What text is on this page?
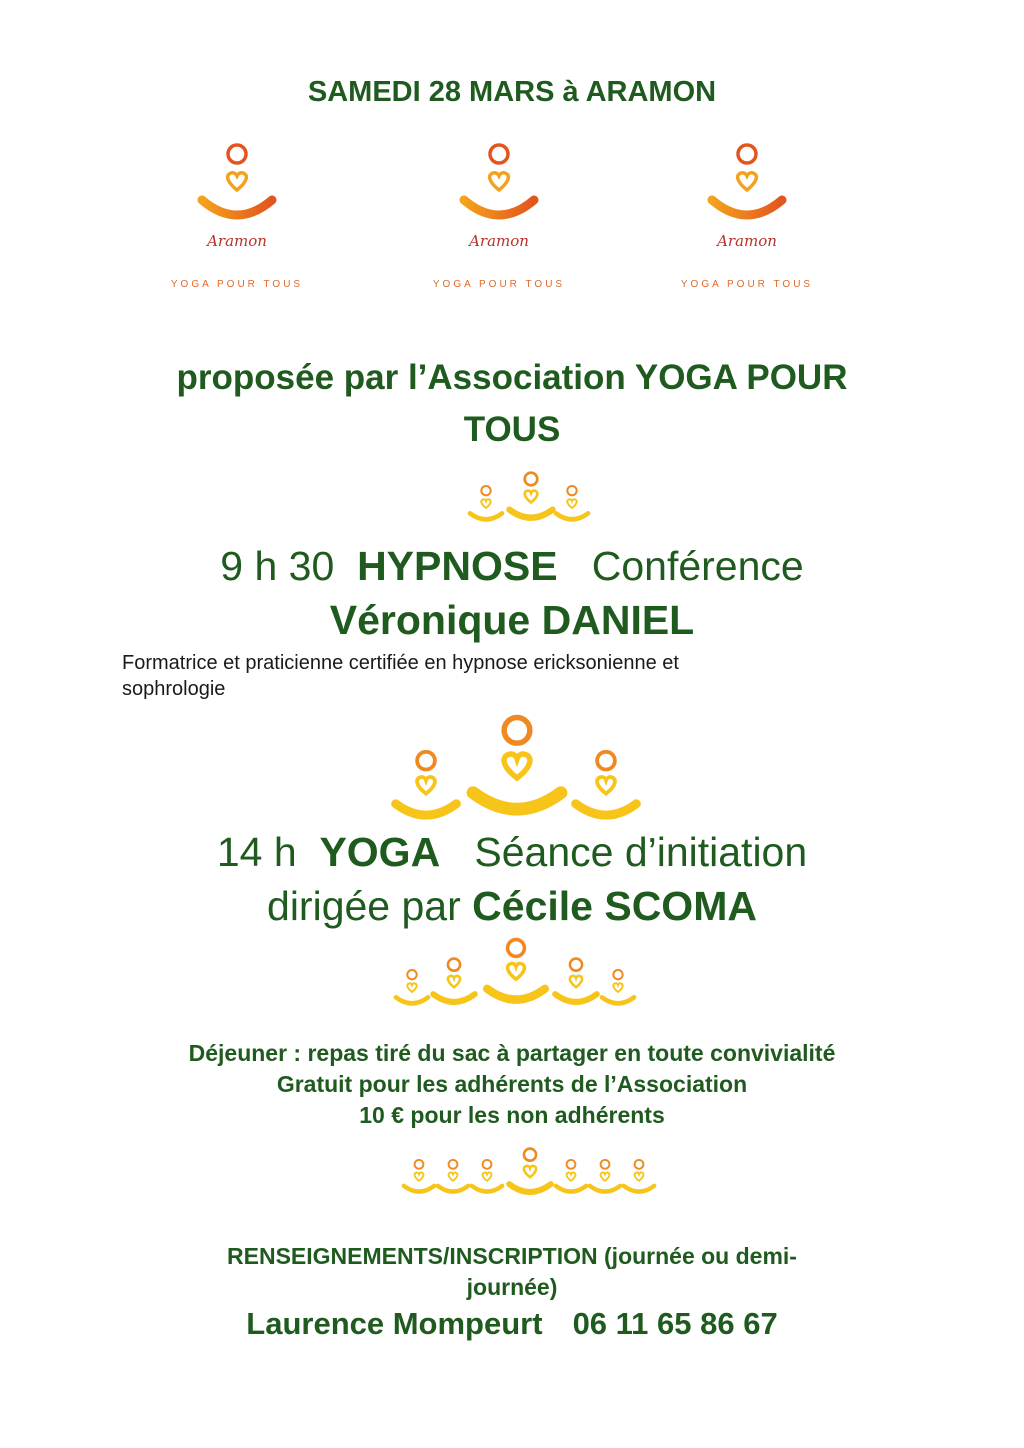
SAMEDI 28 MARS à ARAMON
Aramon
YOGA POUR TOUS
Aramon
YOGA POUR TOUS
Aramon
YOGA POUR TOUS
proposée par l’Association YOGA POUR
TOUS
9 h 30 HYPNOSE Conférence
Véronique DANIEL
Formatrice et praticienne certifiée en hypnose ericksonienne et
sophrologie
14 h YOGA Séance d’initiation
dirigée par Cécile SCOMA
Déjeuner : repas tiré du sac à partager en toute convivialité
Gratuit pour les adhérents de l’Association
10 € pour les non adhérents
RENSEIGNEMENTS/INSCRIPTION (journée ou demi-
journée)
Laurence Mompeurt 06 11 65 86 67
